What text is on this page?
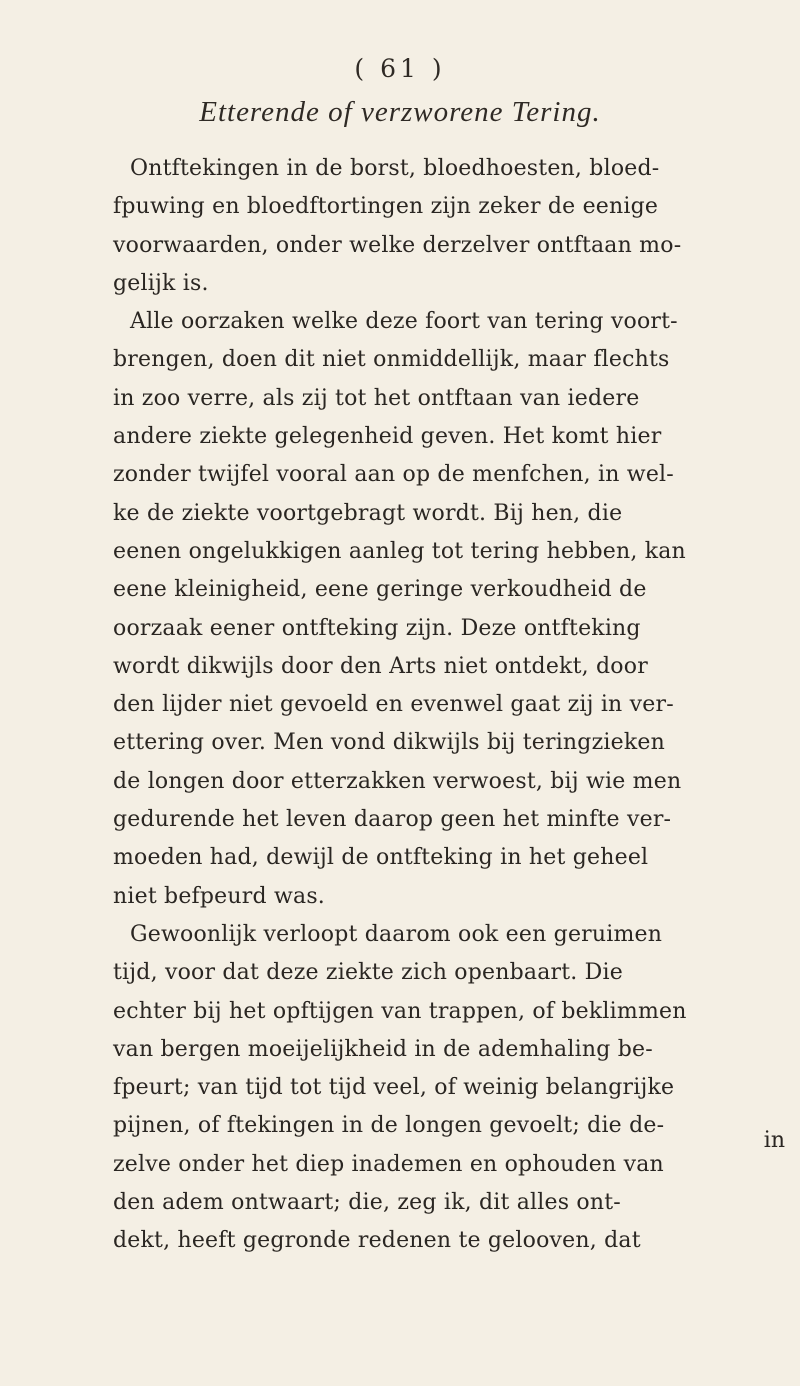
( 61 )
Etterende of verzworene Tering.
Ontftekingen in de borst, bloedhoesten, bloed-
fpuwing en bloedftortingen zijn zeker de eenige
voorwaarden, onder welke derzelver ontftaan mo-
gelijk is.
Alle oorzaken welke deze foort van tering voort-
brengen, doen dit niet onmiddellijk, maar flechts
in zoo verre, als zij tot het ontftaan van iedere
andere ziekte gelegenheid geven. Het komt hier
zonder twijfel vooral aan op de menfchen, in wel-
ke de ziekte voortgebragt wordt. Bij hen, die
eenen ongelukkigen aanleg tot tering hebben, kan
eene kleinigheid, eene geringe verkoudheid de
oorzaak eener ontfteking zijn. Deze ontfteking
wordt dikwijls door den Arts niet ontdekt, door
den lijder niet gevoeld en evenwel gaat zij in ver-
ettering over. Men vond dikwijls bij teringzieken
de longen door etterzakken verwoest, bij wie men
gedurende het leven daarop geen het minfte ver-
moeden had, dewijl de ontfteking in het geheel
niet befpeurd was.
Gewoonlijk verloopt daarom ook een geruimen
tijd, voor dat deze ziekte zich openbaart. Die
echter bij het opftijgen van trappen, of beklimmen
van bergen moeijelijkheid in de ademhaling be-
fpeurt; van tijd tot tijd veel, of weinig belangrijke
pijnen, of ftekingen in de longen gevoelt; die de-
zelve onder het diep inademen en ophouden van
den adem ontwaart; die, zeg ik, dit alles ont-
dekt, heeft gegronde redenen te gelooven, dat
in
